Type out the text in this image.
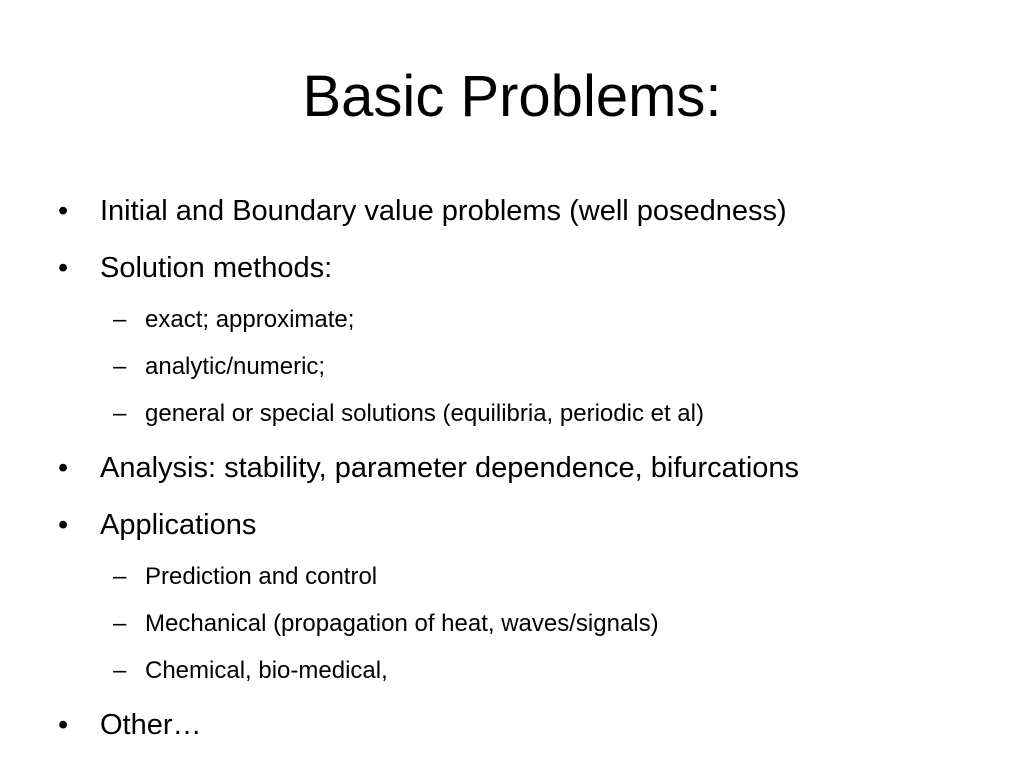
Basic Problems:
•	Initial and Boundary value problems (well posedness)
•	Solution methods:
– exact; approximate;
– analytic/numeric;
– general or special solutions (equilibria, periodic et al)
•	Analysis: stability, parameter dependence, bifurcations
•	Applications
– Prediction and control
– Mechanical (propagation of heat, waves/signals)
– Chemical, bio-medical,
•	Other…
